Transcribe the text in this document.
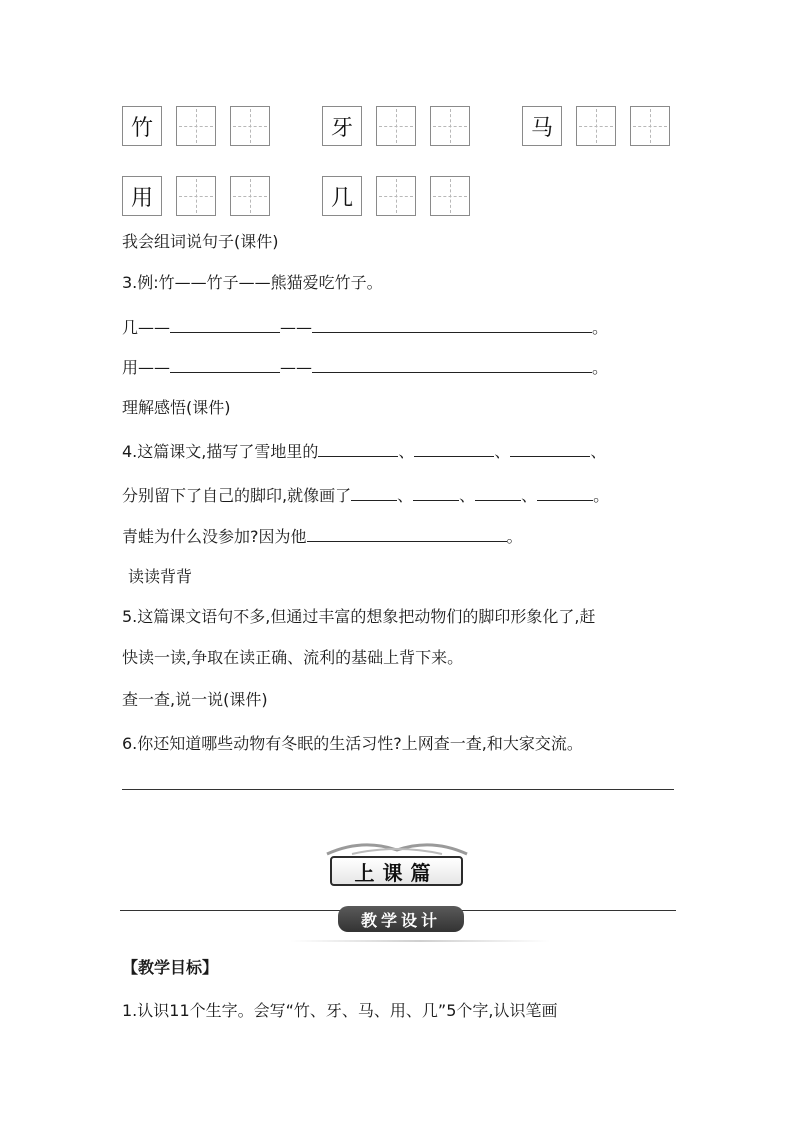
竹	牙	马
用	几
我会组词说句子(课件)
3.例:竹——竹子——熊猫爱吃竹子。
几——	——	。
用——	——	。
理解感悟(课件)
4.这篇课文,描写了雪地里的	、	、	、
分别留下了自己的脚印,就像画了	、	、	、	。
青蛙为什么没参加?因为他	。
读读背背
5.这篇课文语句不多,但通过丰富的想象把动物们的脚印形象化了,赶
快读一读,争取在读正确、流利的基础上背下来。
查一查,说一说(课件)
6.你还知道哪些动物有冬眠的生活习性?上网查一查,和大家交流。
上课篇
教学设计
【教学目标】
1.认识11个生字。会写“竹、牙、马、用、几”5个字,认识笔画
